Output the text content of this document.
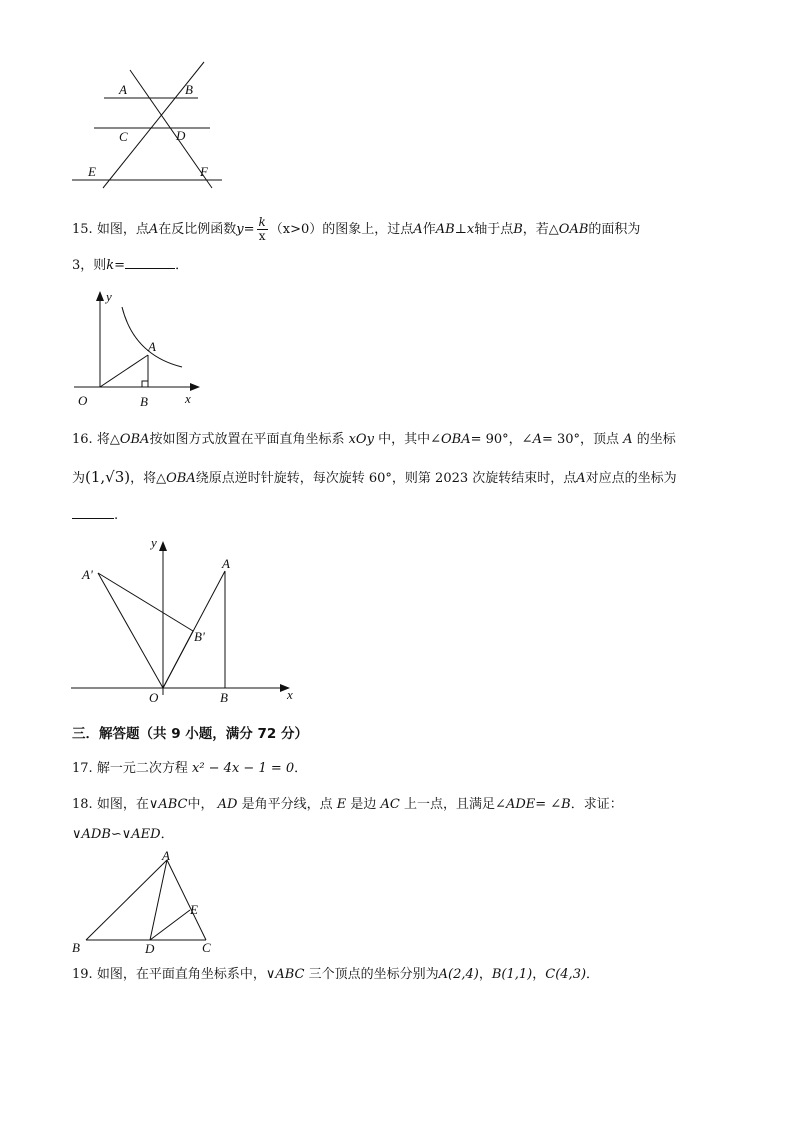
A	B
C	D
E	F
15. 如图，点A在反比例函数$y= \frac{k}{x} (x>0)$的图象上，过点A作AB⊥x轴于点B，若△OAB的面积为
3，则k=	．
y
A
O	B	x
16. 将△OBA按如图方式放置在平面直角坐标系 xOy 中，其中∠OBA= 90°，∠A= 30°，顶点 A 的坐标
为(1,√3)，将△OBA绕原点逆时针旋转，每次旋转 60°，则第 2023 次旋转结束时，点A对应点的坐标为
.
y
A'
A
B'
O	B	x
三．解答题（共 9 小题，满分 72 分）
17. 解一元二次方程 x² − 4x − 1 = 0．
18. 如图，在∨ABC中， AD 是角平分线，点 E 是边 AC 上一点，且满足∠ADE= ∠B．求证：
∨ADB∽∨AED．
A
E
B	D	C
19. 如图，在平面直角坐标系中，∨ABC 三个顶点的坐标分别为A(2,4)，B(1,1)，C(4,3)．
